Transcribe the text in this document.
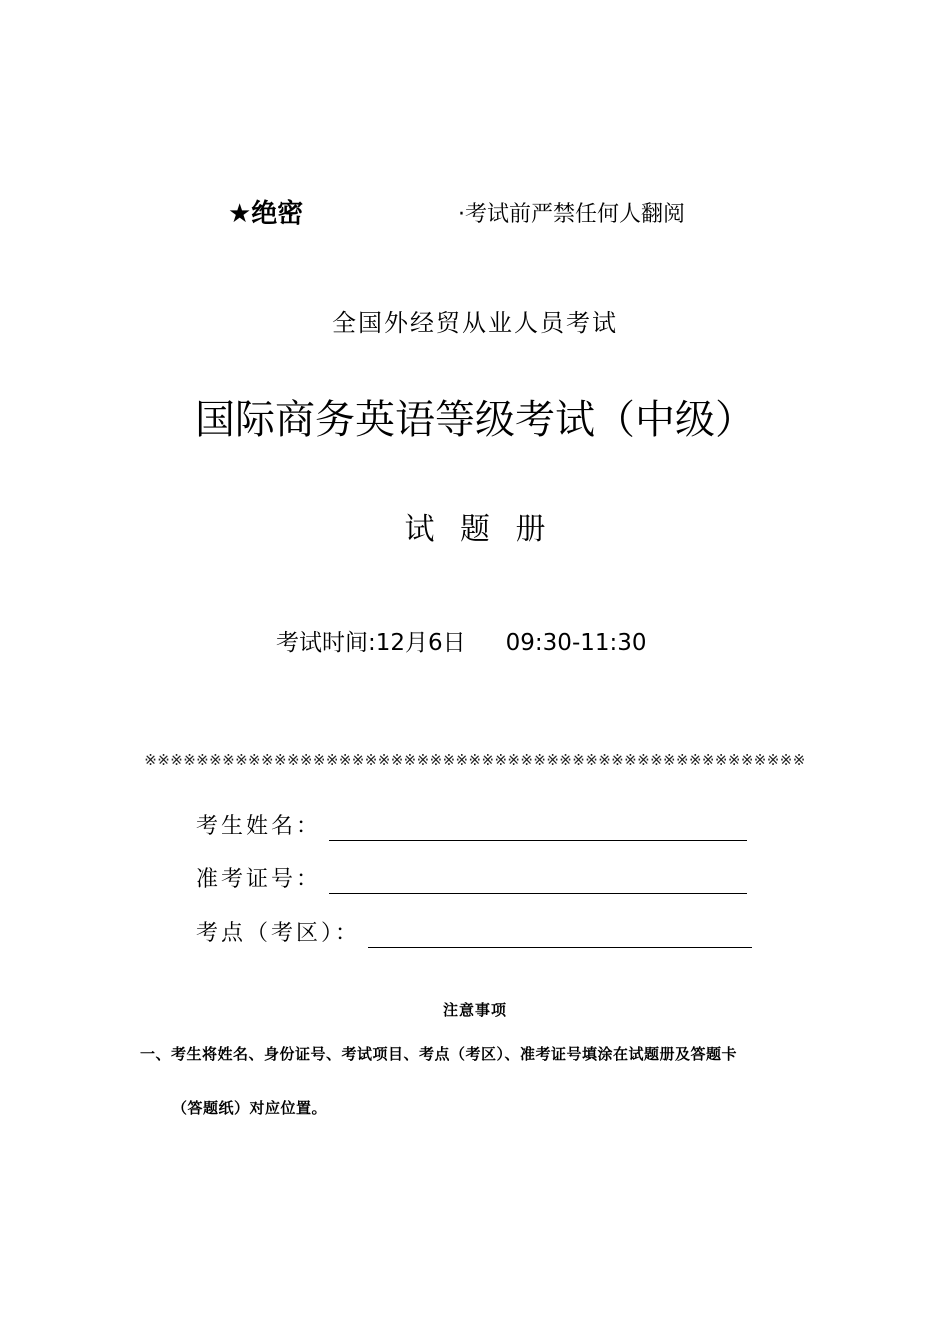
★绝密	·考试前严禁任何人翻阅
全国外经贸从业人员考试
国际商务英语等级考试（中级）
试 题 册
考试时间:12月6日 09:30-11:30
※※※※※※※※※※※※※※※※※※※※※※※※※※※※※※※※※※※※※※※※※※※※※※※※※※※
考生姓名：
准考证号：
考点（考区）：
注意事项
一、考生将姓名、身份证号、考试项目、考点（考区）、准考证号填涂在试题册及答题卡
（答题纸）对应位置。
